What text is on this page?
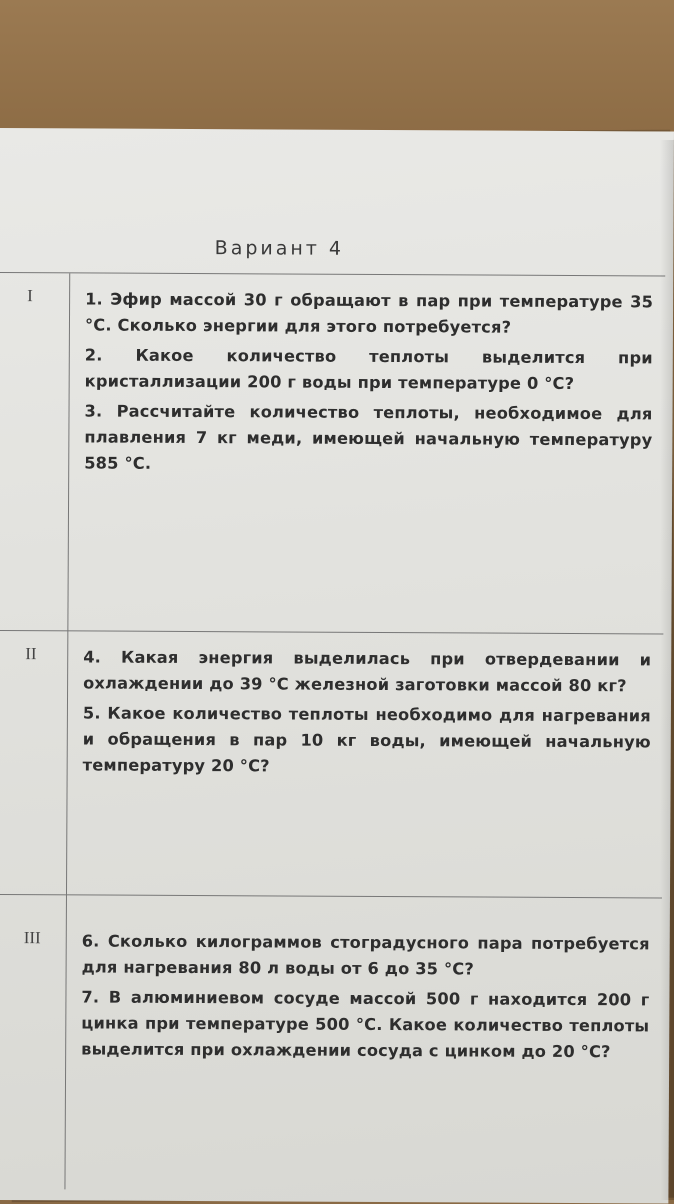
Вариант 4
I	1. Эфир массой 30 г обращают в пар при температуре 35 °С. Сколько энергии для этого потребуется?
2. Какое количество теплоты выделится при кристаллизации 200 г воды при температуре 0 °С?
3. Рассчитайте количество теплоты, необходимое для плавления 7 кг меди, имеющей начальную температуру 585 °С.
II	4. Какая энергия выделилась при отвердевании и охлаждении до 39 °С железной заготовки массой 80 кг?
5. Какое количество теплоты необходимо для нагревания и обращения в пар 10 кг воды, имеющей начальную температуру 20 °С?
III	6. Сколько килограммов стоградусного пара потребуется для нагревания 80 л воды от 6 до 35 °С?
7. В алюминиевом сосуде массой 500 г находится 200 г цинка при температуре 500 °С. Какое количество теплоты выделится при охлаждении сосуда с цинком до 20 °С?
